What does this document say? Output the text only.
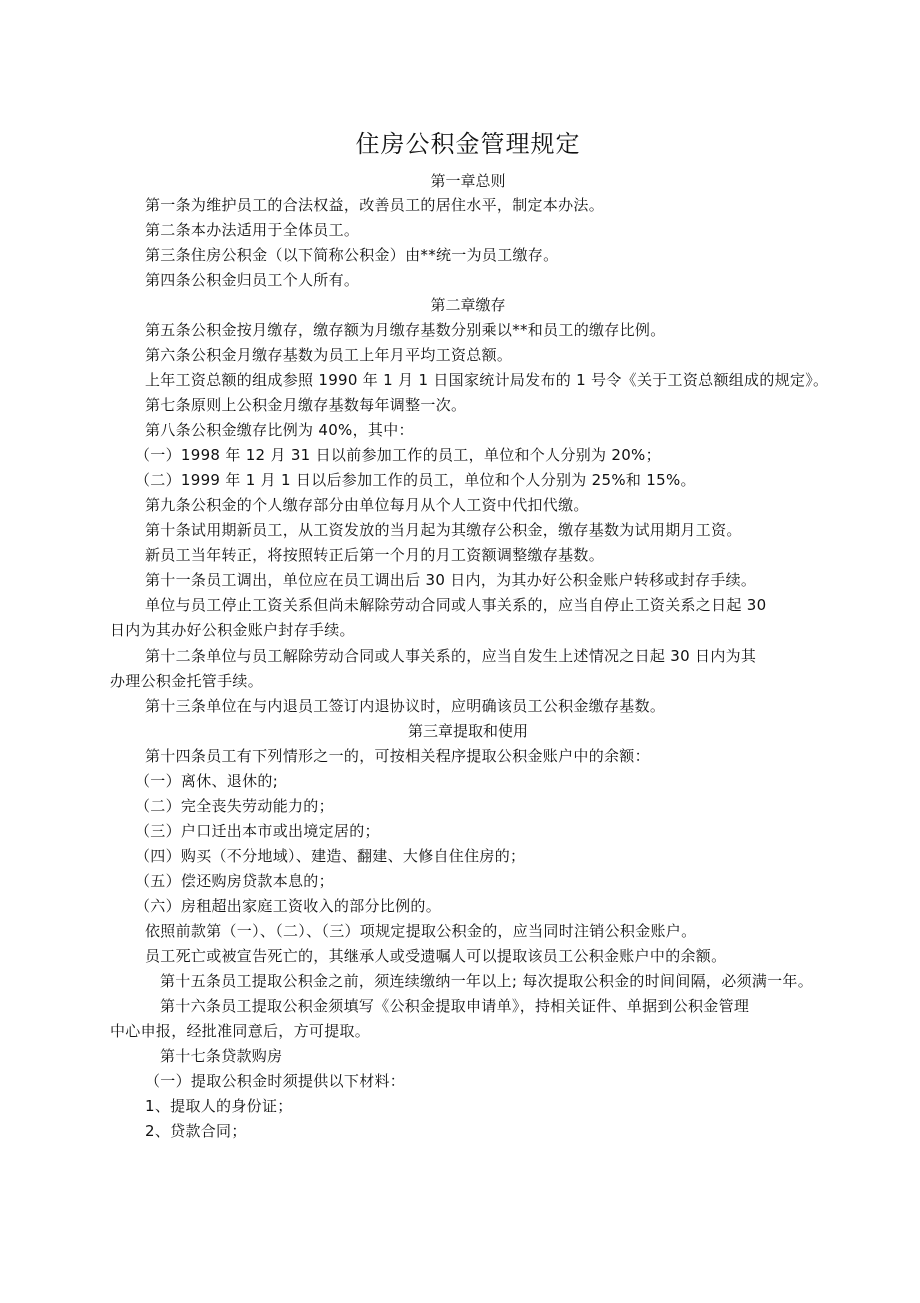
住房公积金管理规定
第一章总则
第二章缴存
第三章提取和使用
第一条为维护员工的合法权益，改善员工的居住水平，制定本办法。
第二条本办法适用于全体员工。
第三条住房公积金（以下简称公积金）由**统一为员工缴存。
第四条公积金归员工个人所有。
第五条公积金按月缴存，缴存额为月缴存基数分别乘以**和员工的缴存比例。
第六条公积金月缴存基数为员工上年月平均工资总额。
上年工资总额的组成参照 1990 年 1 月 1 日国家统计局发布的 1 号令《关于工资总额组成的规定》。
第七条原则上公积金月缴存基数每年调整一次。
第八条公积金缴存比例为 40%，其中：
（一）1998 年 12 月 31 日以前参加工作的员工，单位和个人分别为 20%；
（二）1999 年 1 月 1 日以后参加工作的员工，单位和个人分别为 25%和 15%。
第九条公积金的个人缴存部分由单位每月从个人工资中代扣代缴。
第十条试用期新员工，从工资发放的当月起为其缴存公积金，缴存基数为试用期月工资。
新员工当年转正，将按照转正后第一个月的月工资额调整缴存基数。
第十一条员工调出，单位应在员工调出后 30 日内，为其办好公积金账户转移或封存手续。
单位与员工停止工资关系但尚未解除劳动合同或人事关系的，应当自停止工资关系之日起 30
日内为其办好公积金账户封存手续。
第十二条单位与员工解除劳动合同或人事关系的，应当自发生上述情况之日起 30 日内为其
办理公积金托管手续。
第十三条单位在与内退员工签订内退协议时，应明确该员工公积金缴存基数。
第十四条员工有下列情形之一的，可按相关程序提取公积金账户中的余额：
（一）离休、退休的;
（二）完全丧失劳动能力的；
（三）户口迁出本市或出境定居的；
（四）购买（不分地域）、建造、翻建、大修自住住房的；
（五）偿还购房贷款本息的；
（六）房租超出家庭工资收入的部分比例的。
依照前款第（一）、（二）、（三）项规定提取公积金的，应当同时注销公积金账户。
员工死亡或被宣告死亡的，其继承人或受遗嘱人可以提取该员工公积金账户中的余额。
第十五条员工提取公积金之前，须连续缴纳一年以上; 每次提取公积金的时间间隔，必须满一年。
第十六条员工提取公积金须填写《公积金提取申请单》，持相关证件、单据到公积金管理
中心申报，经批准同意后，方可提取。
第十七条贷款购房
（一）提取公积金时须提供以下材料：
1、提取人的身份证；
2、贷款合同；
